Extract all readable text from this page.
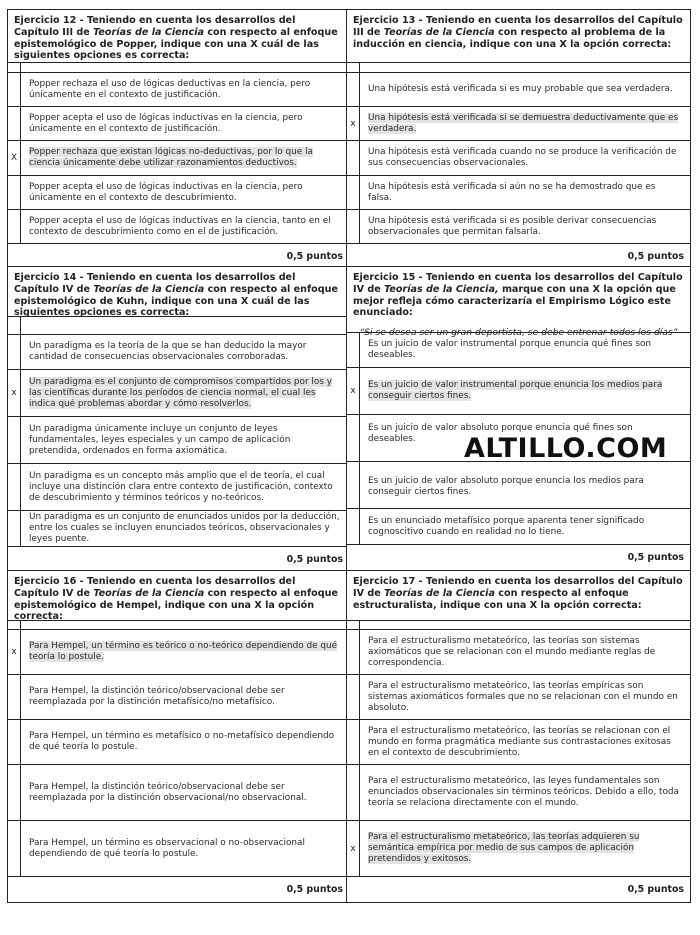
Ejercicio 12 - Teniendo en cuenta los desarrollos del Capítulo III de Teorías de la Ciencia con respecto al enfoque epistemológico de Popper, indique con una X cuál de las siguientes opciones es correcta:
Popper rechaza el uso de lógicas deductivas en la ciencia, pero únicamente en el contexto de justificación.
Popper acepta el uso de lógicas inductivas en la ciencia, pero únicamente en el contexto de justificación.
X
Popper rechaza que existan lógicas no-deductivas, por lo que la ciencia únicamente debe utilizar razonamientos deductivos.
Popper acepta el uso de lógicas inductivas en la ciencia, pero únicamente en el contexto de descubrimiento.
Popper acepta el uso de lógicas inductivas en la ciencia, tanto en el contexto de descubrimiento como en el de justificación.
0,5 puntos
Ejercicio 14 - Teniendo en cuenta los desarrollos del Capítulo IV de Teorías de la Ciencia con respecto al enfoque epistemológico de Kuhn, indique con una X cuál de las siguientes opciones es correcta:
Un paradigma es la teoría de la que se han deducido la mayor cantidad de consecuencias observacionales corroboradas.
x
Un paradigma es el conjunto de compromisos compartidos por los y las científicas durante los períodos de ciencia normal, el cual les indica qué problemas abordar y cómo resolverlos.
Un paradigma únicamente incluye un conjunto de leyes fundamentales, leyes especiales y un campo de aplicación pretendida, ordenados en forma axiomática.
Un paradigma es un concepto más amplio que el de teoría, el cual incluye una distinción clara entre contexto de justificación, contexto de descubrimiento y términos teóricos y no-teóricos.
Un paradigma es un conjunto de enunciados unidos por la deducción, entre los cuales se incluyen enunciados teóricos, observacionales y leyes puente.
0,5 puntos
Ejercicio 16 - Teniendo en cuenta los desarrollos del Capítulo IV de Teorías de la Ciencia con respecto al enfoque epistemológico de Hempel, indique con una X la opción correcta:
x
Para Hempel, un término es teórico o no-teórico dependiendo de qué teoría lo postule.
Para Hempel, la distinción teórico/observacional debe ser reemplazada por la distinción metafísico/no metafísico.
Para Hempel, un término es metafísico o no-metafísico dependiendo de qué teoría lo postule.
Para Hempel, la distinción teórico/observacional debe ser reemplazada por la distinción observacional/no observacional.
Para Hempel, un término es observacional o no-observacional dependiendo de qué teoría lo postule.
0,5 puntos
Ejercicio 13 - Teniendo en cuenta los desarrollos del Capítulo III de Teorías de la Ciencia con respecto al problema de la inducción en ciencia, indique con una X la opción correcta:
Una hipótesis está verificada si es muy probable que sea verdadera.
x
Una hipótesis está verificada si se demuestra deductivamente que es verdadera.
Una hipótesis está verificada cuando no se produce la verificación de sus consecuencias observacionales.
Una hipótesis está verificada si aún no se ha demostrado que es falsa.
Una hipótesis está verificada si es posible derivar consecuencias observacionales que permitan falsarla.
0,5 puntos
Ejercicio 15 - Teniendo en cuenta los desarrollos del Capítulo IV de Teorías de la Ciencia, marque con una X la opción que mejor refleja cómo caracterizaría el Empirismo Lógico este enunciado:
“Si se desea ser un gran deportista, se debe entrenar todos los días”
Es un juicio de valor instrumental porque enuncia qué fines son deseables.
x
Es un juicio de valor instrumental porque enuncia los medios para conseguir ciertos fines.
Es un juicio de valor absoluto porque enuncia qué fines son deseables.
Es un juicio de valor absoluto porque enuncia los medios para conseguir ciertos fines.
Es un enunciado metafísico porque aparenta tener significado cognoscitivo cuando en realidad no lo tiene.
0,5 puntos
Ejercicio 17 - Teniendo en cuenta los desarrollos del Capítulo IV de Teorías de la Ciencia con respecto al enfoque estructuralista, indique con una X la opción correcta:
Para el estructuralismo metateórico, las teorías son sistemas axiomáticos que se relacionan con el mundo mediante reglas de correspondencia.
Para el estructuralismo metateórico, las teorías empíricas son sistemas axiomáticos formales que no se relacionan con el mundo en absoluto.
Para el estructuralismo metateórico, las teorías se relacionan con el mundo en forma pragmática mediante sus contrastaciones exitosas en el contexto de descubrimiento.
Para el estructuralismo metateórico, las leyes fundamentales son enunciados observacionales sin términos teóricos. Debido a ello, toda teoría se relaciona directamente con el mundo.
x
Para el estructuralismo metateórico, las teorías adquieren su semántica empírica por medio de sus campos de aplicación pretendidos y exitosos.
0,5 puntos
ALTILLO.COM
